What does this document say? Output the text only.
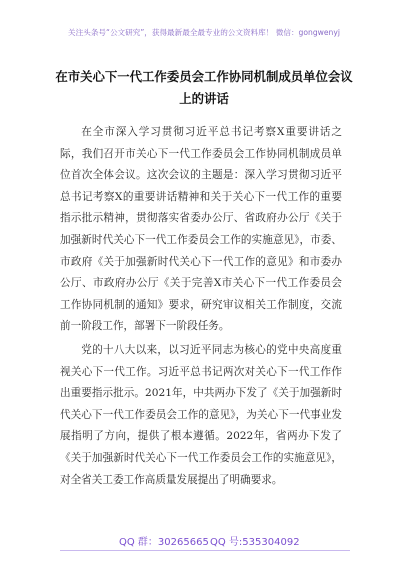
关注头条号“公文研究”，获得最新最全最专业的公文资料库！ 微信：gongwenyj
在市关心下一代工作委员会工作协同机制成员单位会议上的讲话

在全市深入学习贯彻习近平总书记考察X重要讲话之际，我们召开市关心下一代工作委员会工作协同机制成员单位首次全体会议。这次会议的主题是：深入学习贯彻习近平总书记考察X的重要讲话精神和关于关心下一代工作的重要指示批示精神，贯彻落实省委办公厅、省政府办公厅《关于加强新时代关心下一代工作委员会工作的实施意见》，市委、市政府《关于加强新时代关心下一代工作的意见》和市委办公厅、市政府办公厅《关于完善X市关心下一代工作委员会工作协同机制的通知》要求，研究审议相关工作制度，交流前一阶段工作，部署下一阶段任务。

党的十八大以来，以习近平同志为核心的党中央高度重视关心下一代工作。习近平总书记两次对关心下一代工作作出重要指示批示。2021年，中共两办下发了《关于加强新时代关心下一代工作委员会工作的意见》，为关心下一代事业发展指明了方向，提供了根本遵循。2022年，省两办下发了《关于加强新时代关心下一代工作委员会工作的实施意见》，对全省关工委工作高质量发展提出了明确要求。

QQ 群：30265665 QQ 号:535304092
